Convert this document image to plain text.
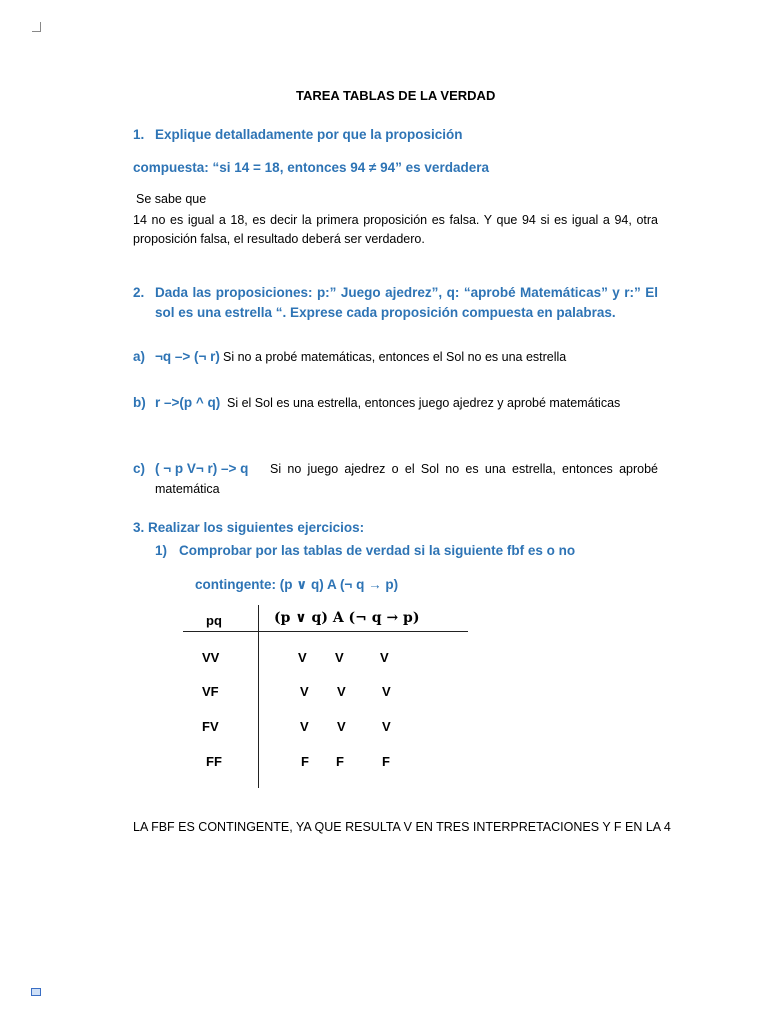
TAREA TABLAS DE LA VERDAD
1. Explique detalladamente por que la proposición
compuesta: “si 14 = 18, entonces 94 ≠ 94” es verdadera
Se sabe que
14 no es igual a 18, es decir la primera proposición es falsa. Y que 94 si es igual a 94, otra
proposición falsa, el resultado deberá ser verdadero.
2. Dada las proposiciones: p:” Juego ajedrez”, q: “aprobé Matemáticas” y r:” El
sol es una estrella “. Exprese cada proposición compuesta en palabras.
a) ¬q –> (¬ r) Si no a probé matemáticas, entonces el Sol no es una estrella
b) r –>(p ^ q) Si el Sol es una estrella, entonces juego ajedrez y aprobé matemáticas
c) ( ¬ p V¬ r) –> q Si no juego ajedrez o el Sol no es una estrella, entonces aprobé
matemática
3. Realizar los siguientes ejercicios:
1) Comprobar por las tablas de verdad si la siguiente fbf es o no
contingente: (p ∨ q) A (¬ q → p)
pq	(p ∨ q) A (¬ q → p)
VV	V V	V
VF	V V	V
FV	V V	V
FF	F F	F
LA FBF ES CONTINGENTE, YA QUE RESULTA V EN TRES INTERPRETACIONES Y F EN LA 4
